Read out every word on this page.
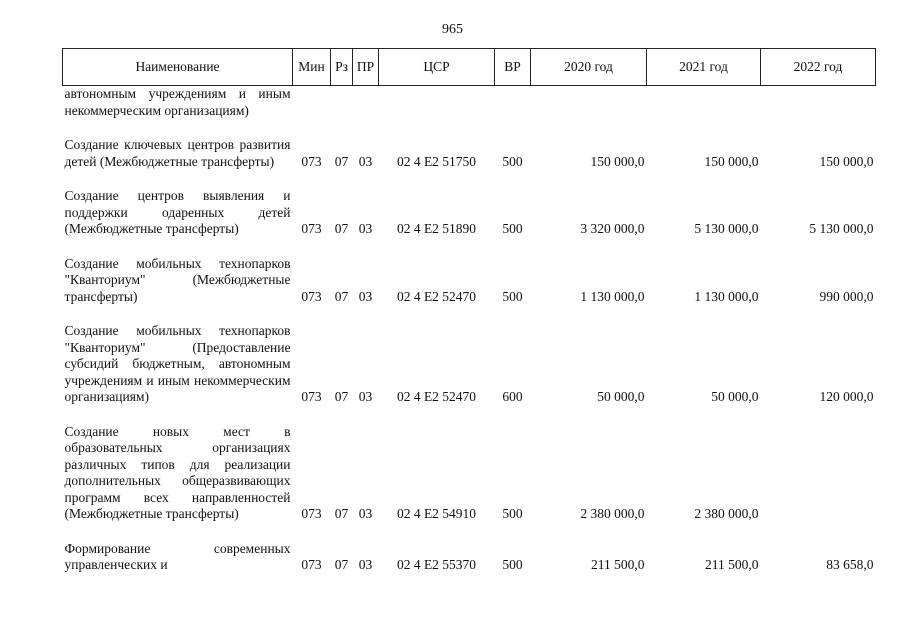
965
Наименование	Мин	Рз	ПР	ЦСР	ВР	2020 год	2021 год	2022 год
автономным учреждениям и иным некоммерческим организациям)								
Создание ключевых центров развития детей (Межбюджетные трансферты)	073	07	03	02 4 E2 51750	500	150 000,0	150 000,0	150 000,0
Создание центров выявления и поддержки одаренных детей (Межбюджетные трансферты)	073	07	03	02 4 E2 51890	500	3 320 000,0	5 130 000,0	5 130 000,0
Создание мобильных технопарков "Кванториум" (Межбюджетные трансферты)	073	07	03	02 4 E2 52470	500	1 130 000,0	1 130 000,0	990 000,0
Создание мобильных технопарков "Кванториум" (Предоставление субсидий бюджетным, автономным учреждениям и иным некоммерческим организациям)	073	07	03	02 4 E2 52470	600	50 000,0	50 000,0	120 000,0
Создание новых мест в образовательных организациях различных типов для реализации дополнительных общеразвивающих программ всех направленностей (Межбюджетные трансферты)	073	07	03	02 4 E2 54910	500	2 380 000,0	2 380 000,0	
Формирование современных управленческих и	073	07	03	02 4 E2 55370	500	211 500,0	211 500,0	83 658,0
